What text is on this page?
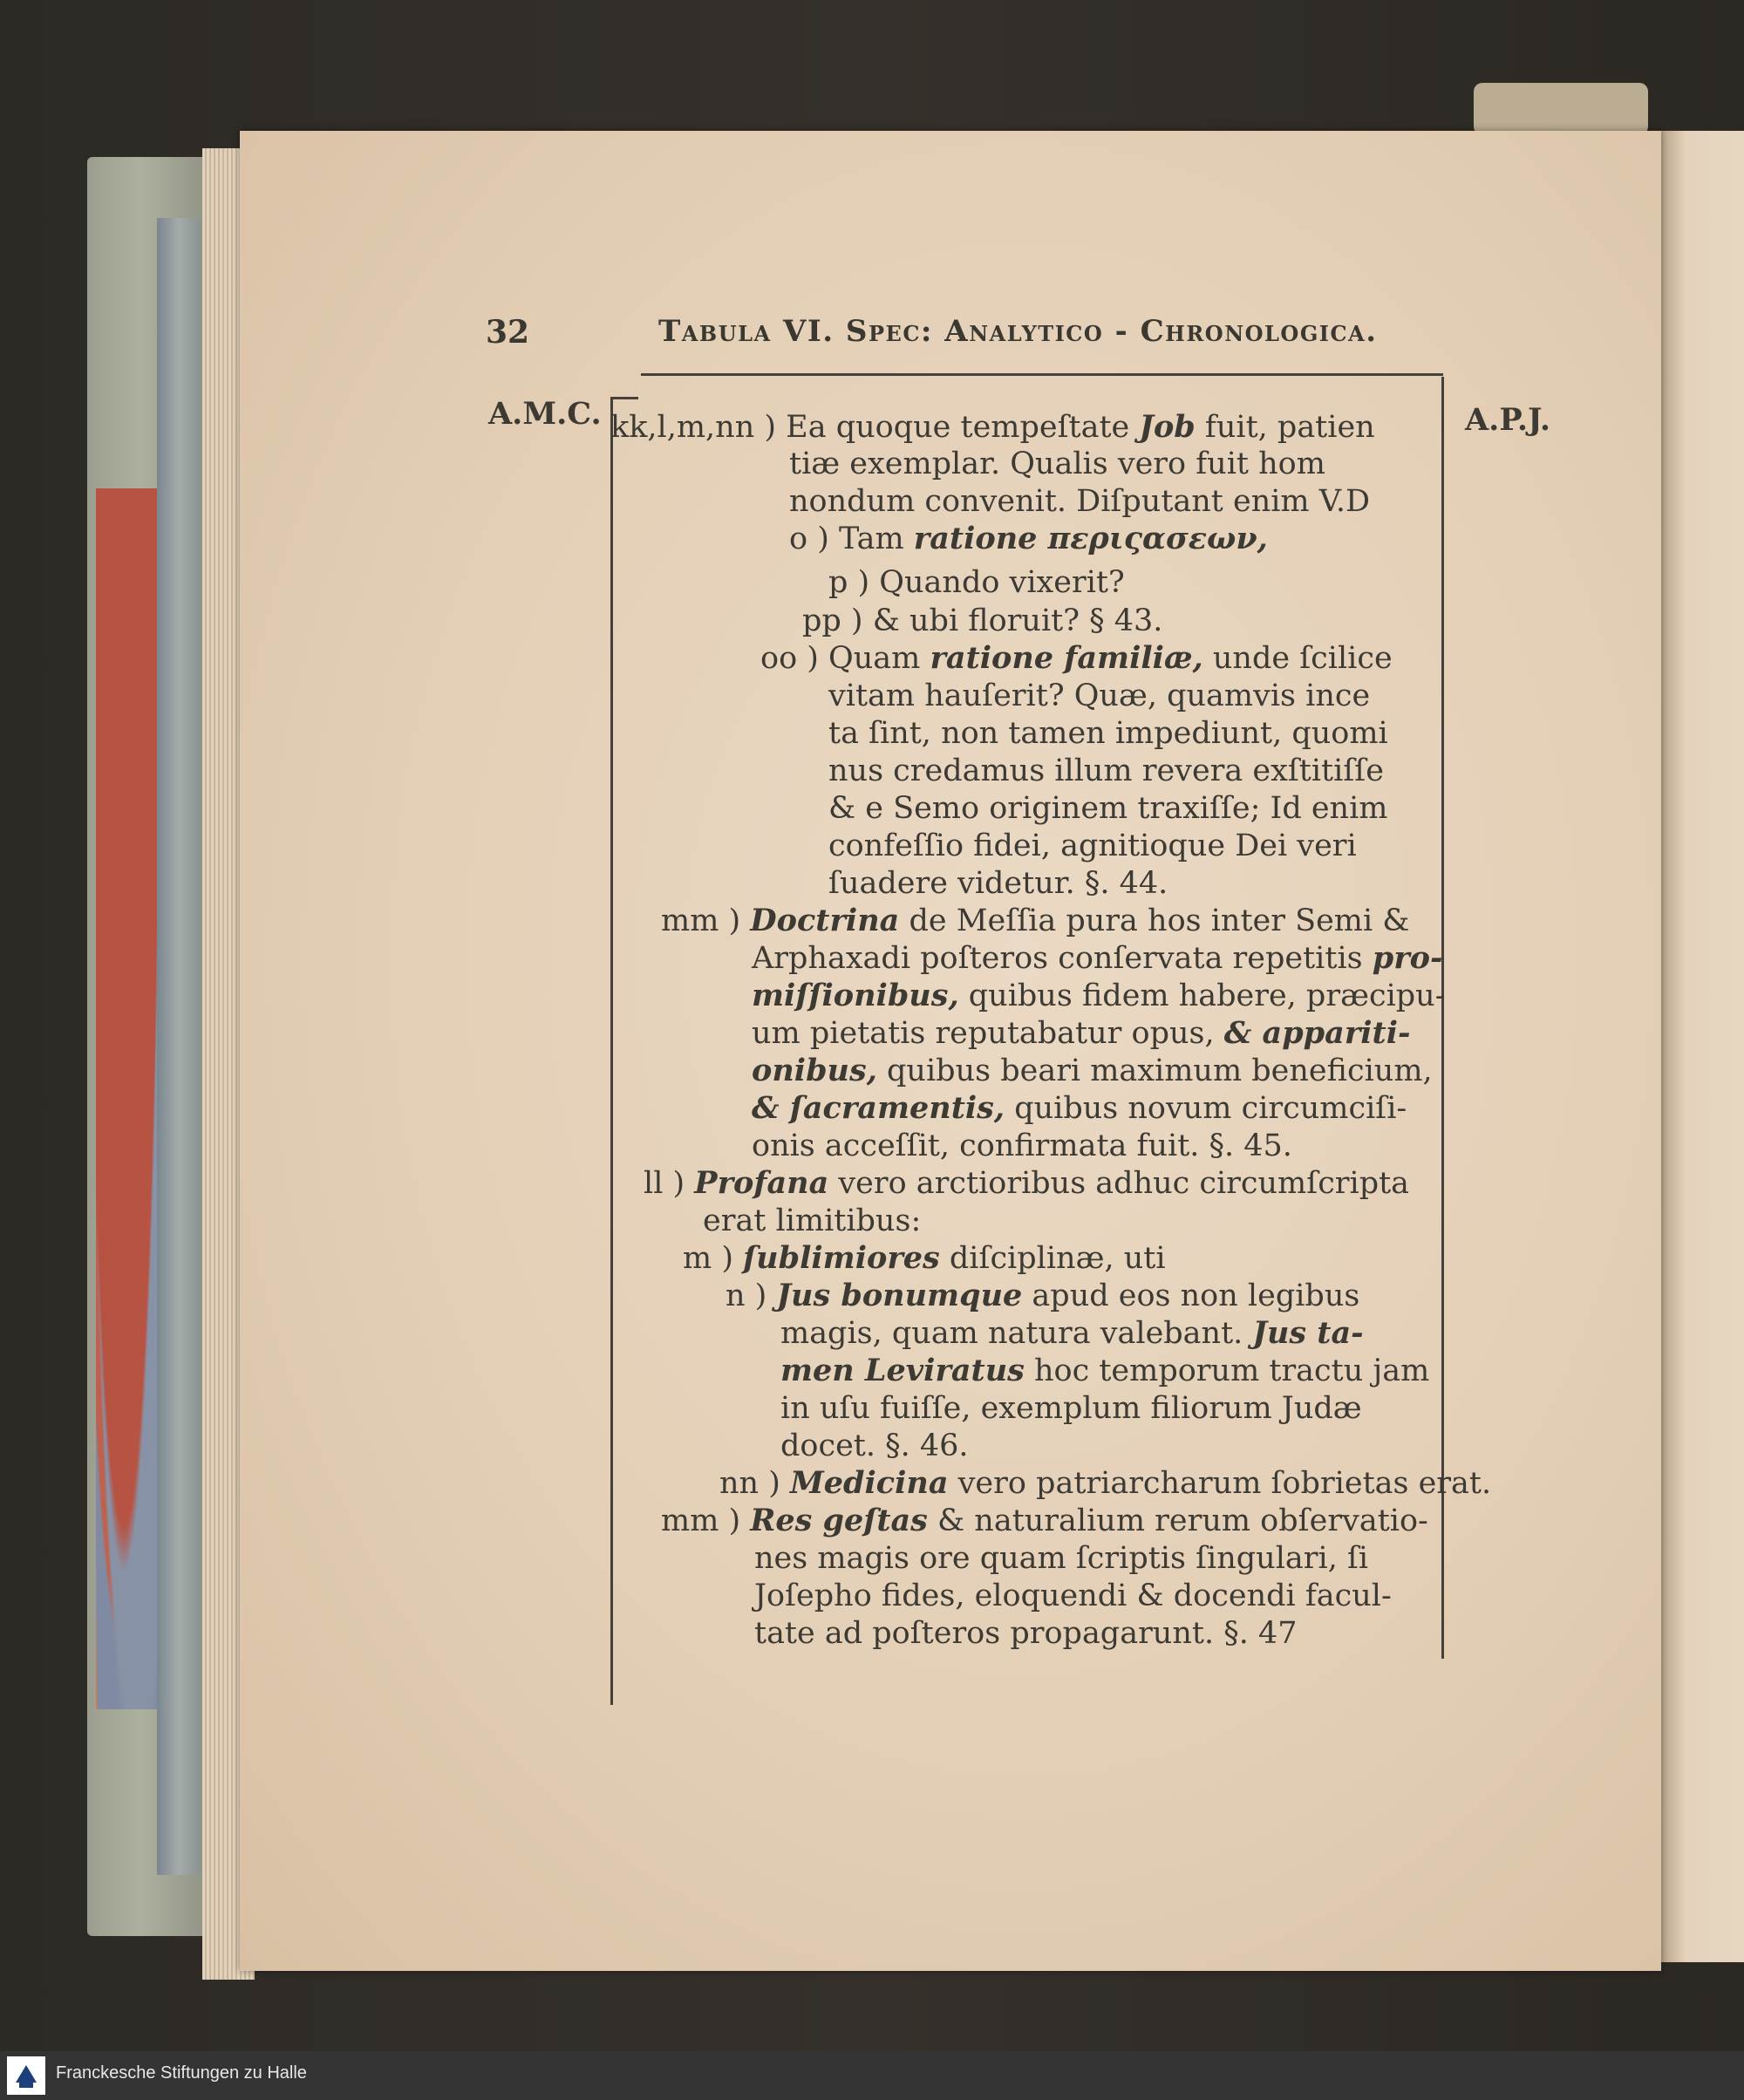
32	Tabula VI. Spec: Analytico - Chronologica.
A.M.C.	A.P.J.
kk,l,m,nn ) Ea quoque tempeſtate Job fuit, patien
tiæ exemplar. Qualis vero fuit hom
nondum convenit. Diſputant enim V.D
o ) Tam ratione περιςασεων,
p ) Quando vixerit?
pp ) & ubi floruit? § 43.
oo ) Quam ratione familiæ, unde ſcilice
vitam hauſerit? Quæ, quamvis ince
ta ſint, non tamen impediunt, quomi
nus credamus illum revera exſtitiſſe
& e Semo originem traxiſſe; Id enim
confeſſio fidei, agnitioque Dei veri
ſuadere videtur. §. 44.
mm ) Doctrina de Meſſia pura hos inter Semi &
Arphaxadi poſteros conſervata repetitis pro-
miſſionibus, quibus fidem habere, præcipu-
um pietatis reputabatur opus, & appariti-
onibus, quibus beari maximum beneficium,
& ſacramentis, quibus novum circumciſi-
onis acceſſit, confirmata fuit. §. 45.
ll ) Profana vero arctioribus adhuc circumſcripta
erat limitibus:
m ) ſublimiores diſciplinæ, uti
n ) Jus bonumque apud eos non legibus
magis, quam natura valebant. Jus ta-
men Leviratus hoc temporum tractu jam
in uſu fuiſſe, exemplum filiorum Judæ
docet. §. 46.
nn ) Medicina vero patriarcharum ſobrietas erat.
mm ) Res geſtas & naturalium rerum obſervatio-
nes magis ore quam ſcriptis ſingulari, ſi
Joſepho fides, eloquendi & docendi facul-
tate ad poſteros propagarunt. §. 47
Franckesche Stiftungen zu Halle
